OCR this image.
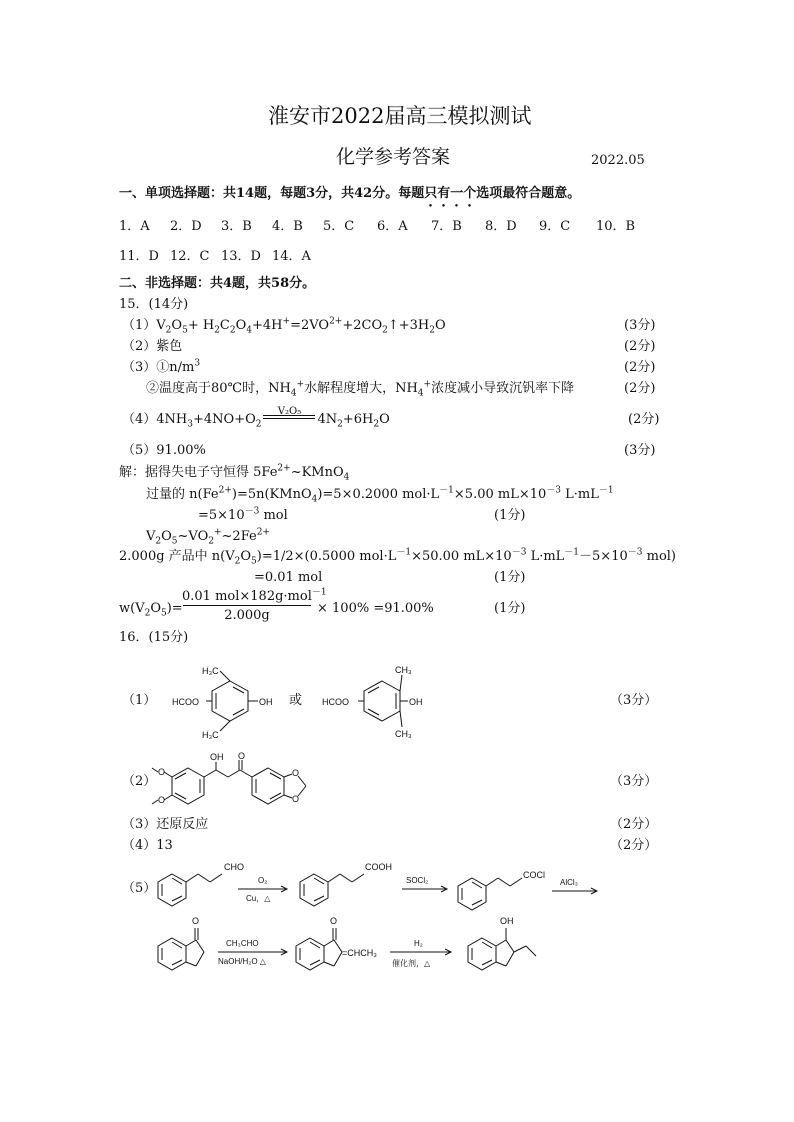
淮安市2022届高三模拟测试
化学参考答案	2022.05
一、单项选择题：共14题，每题3分，共42分。每题只有一个选项最符合题意。
1．A 2．D 3．B 4．B 5．C 6．A 7．B 8．D 9．C 10．B
11．D 12．C 13．D 14．A
二、非选择题：共4题，共58分。
15．(14分)
$(1)V_2O_5+$ $H_2C_2O_4+4H^+=2VO^{2+}+2CO_2↑+3H_2O$	(3分)
（2）紫色	(2分)
$(3)①n/m^3$	(2分)
②温度高于80℃时，$NH_4^+$水解程度增大，$NH_4^+$浓度减小导致沉钒率下降	(2分)
$(4)4NH_3+4NO+O_2$
V₂O₅
$4N_2+6H_2O$	(2分)
（5）91.00%	(3分)
解：据得失电子守恒得 $5Fe^{2+}\sim KMnO_4$
过量的 $n(Fe^{2+})=5n(KMnO_4)=5\times 0.2000$ $mol\cdot L^{-1}\times 5.00$ $mL\times 10^{-3}$ $L\cdot mL^{-1}$
$=5\times 10^{-3}$ mol	(1分)
$V_2O_5\sim VO_2^+\sim 2Fe^{2+}$
2.000g 产品中 $n(V_2O_5)=1/2\times(0.5000$ $mol\cdot L^{-1}\times 50.00$ $mL\times 10^{-3}$ $L\cdot mL^{-1}-5\times 10^{-3}$ mol)
=0.01 mol	(1分)
$w(V_2O_5)=$
0.01 mol×182g·mol$^{-1}$
2.000g	× 100% =91.00%	(1分)
16．(15分)
（1）
H₃C
H₃C
OH
HCOO	或
CH₃
CH₃
OH
HCOO	（3分）
（2）
O
O
OH O
O
O
（3分）
（3）还原反应	（2分）
（4）13	（2分）
（5）
CHO
O₂
Cu，△
COOH
SOCl₂
COCl
AlCl₃
O
CH₃CHO
NaOH/H₂O △
O
=CHCH₃
H₂
催化剂，△
OH
